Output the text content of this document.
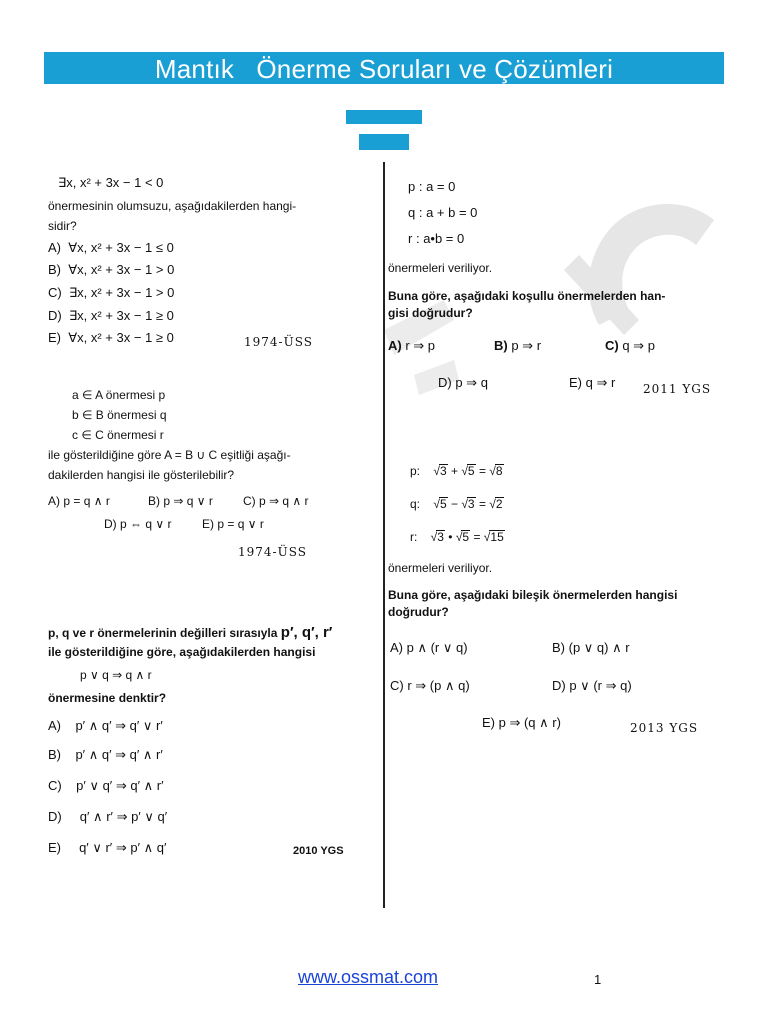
Mantık   Önerme Soruları ve Çözümleri
∃x, x² + 3x − 1 < 0
önermesinin olumsuzu, aşağıdakilerden hangi-
sidir?
A) ∀x, x² + 3x − 1 ≤ 0
B) ∀x, x² + 3x − 1 > 0
C) ∃x, x² + 3x − 1 > 0
D) ∃x, x² + 3x − 1 ≥ 0
E) ∀x, x² + 3x − 1 ≥ 0	1974-ÜSS
a ∈ A önermesi p
b ∈ B önermesi q
c ∈ C önermesi r
ile gösterildiğine göre A = B ∪ C eşitliği aşağı-
dakilerden hangisi ile gösterilebilir?
A) p = q ∧ r	B) p ⇒ q ∨ r	C) p ⇒ q ∧ r
D) p ⇔ q ∨ r	E) p = q ∨ r
1974-ÜSS
p, q ve r önermelerinin değilleri sırasıyla p′, q′, r′
ile gösterildiğine göre, aşağıdakilerden hangisi
p ∨ q ⇒ q ∧ r
önermesine denktir?
A) p′ ∧ q′ ⇒ q′ ∨ r′
B) p′ ∧ q′ ⇒ q′ ∧ r′
C) p′ ∨ q′ ⇒ q′ ∧ r′
D) q′ ∧ r′ ⇒ p′ ∨ q′
E) q′ ∨ r′ ⇒ p′ ∧ q′	2010 YGS
p : a = 0
q : a + b = 0
r : a•b = 0
önermeleri veriliyor.
Buna göre, aşağıdaki koşullu önermelerden han-
gisi doğrudur?
A) r ⇒ p	B) p ⇒ r	C) q ⇒ p
D) p ⇒ q	E) q ⇒ r 2011 YGS
p:    √3 + √5 = √8
q:    √5 − √3 = √2
r:    √3 • √5 = √15
önermeleri veriliyor.
Buna göre, aşağıdaki bileşik önermelerden hangisi
doğrudur?
A) p ∧ (r ∨ q)	B) (p ∨ q) ∧ r
C) r ⇒ (p ∧ q)	D) p ∨ (r ⇒ q)
E) p ⇒ (q ∧ r)	2013 YGS
www.ossmat.com	1
